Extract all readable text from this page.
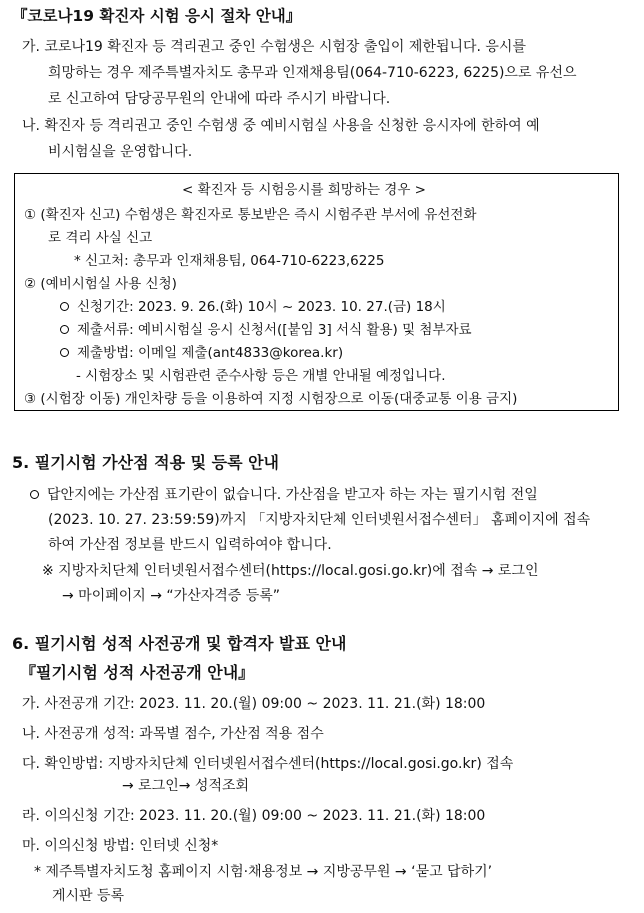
『코로나19 확진자 시험 응시 절차 안내』
가. 코로나19 확진자 등 격리권고 중인 수험생은 시험장 출입이 제한됩니다. 응시를
희망하는 경우 제주특별자치도 총무과 인재채용팀(064-710-6223, 6225)으로 유선으
로 신고하여 담당공무원의 안내에 따라 주시기 바랍니다.
나. 확진자 등 격리권고 중인 수험생 중 예비시험실 사용을 신청한 응시자에 한하여 예
비시험실을 운영합니다.
< 확진자 등 시험응시를 희망하는 경우 >
① (확진자 신고) 수험생은 확진자로 통보받은 즉시 시험주관 부서에 유선전화
로 격리 사실 신고
* 신고처: 총무과 인재채용팀, 064-710-6223,6225
② (예비시험실 사용 신청)
신청기간: 2023. 9. 26.(화) 10시 ~ 2023. 10. 27.(금) 18시
제출서류: 예비시험실 응시 신청서([붙임 3] 서식 활용) 및 첨부자료
제출방법: 이메일 제출(ant4833@korea.kr)
- 시험장소 및 시험관련 준수사항 등은 개별 안내될 예정입니다.
③ (시험장 이동) 개인차량 등을 이용하여 지정 시험장으로 이동(대중교통 이용 금지)
5. 필기시험 가산점 적용 및 등록 안내
답안지에는 가산점 표기란이 없습니다. 가산점을 받고자 하는 자는 필기시험 전일
(2023. 10. 27. 23:59:59)까지 「지방자치단체 인터넷원서접수센터」 홈페이지에 접속
하여 가산점 정보를 반드시 입력하여야 합니다.
※ 지방자치단체 인터넷원서접수센터(https://local.gosi.go.kr)에 접속 → 로그인
→ 마이페이지 → “가산자격증 등록”
6. 필기시험 성적 사전공개 및 합격자 발표 안내
『필기시험 성적 사전공개 안내』
가. 사전공개 기간: 2023. 11. 20.(월) 09:00 ~ 2023. 11. 21.(화) 18:00
나. 사전공개 성적: 과목별 점수, 가산점 적용 점수
다. 확인방법: 지방자치단체 인터넷원서접수센터(https://local.gosi.go.kr) 접속
→ 로그인→ 성적조회
라. 이의신청 기간: 2023. 11. 20.(월) 09:00 ~ 2023. 11. 21.(화) 18:00
마. 이의신청 방법: 인터넷 신청*
* 제주특별자치도청 홈페이지 시험·채용정보 → 지방공무원 → ‘묻고 답하기’
게시판 등록
